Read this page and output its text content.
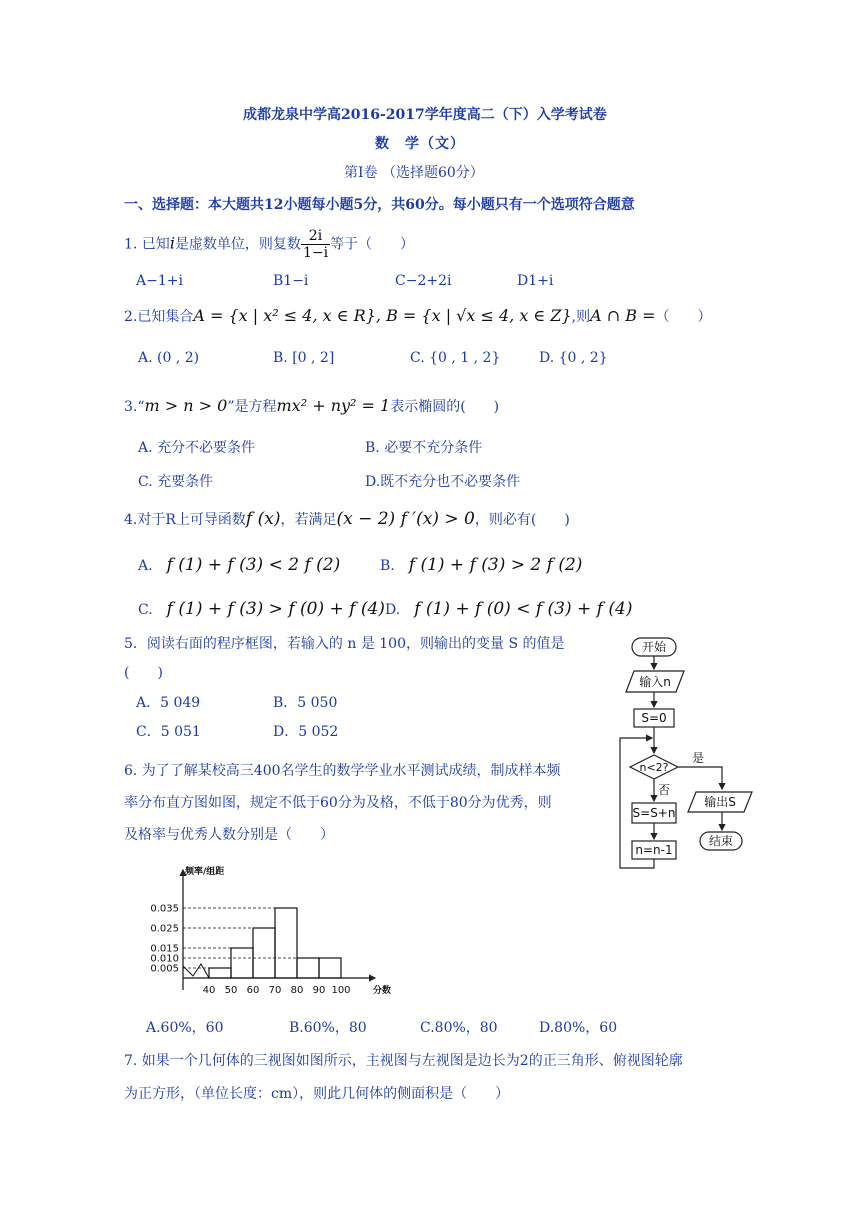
成都龙泉中学高2016-2017学年度高二（下）入学考试卷
数　学（文）
第Ⅰ卷 （选择题60分）
一、选择题：本大题共12小题每小题5分，共60分。每小题只有一个选项符合题意
1. 已知i是虚数单位，则复数 $\frac{2i}{1-i}$ 等于（　　）
A−1+i	B1−i	C−2+2i	D1+i
2.已知集合A = {x | x² ≤ 4, x ∈ R}, B = {x | √x ≤ 4, x ∈ Z},则A ∩ B =（　　）
A. (0 , 2)	B. [0 , 2]	C. {0 , 1 , 2}	D. {0 , 2}
3.“m > n > 0”是方程mx² + ny² = 1表示椭圆的(　　)
A. 充分不必要条件	B. 必要不充分条件
C. 充要条件	D.既不充分也不必要条件
4.对于R上可导函数f (x)，若满足(x − 2) f ′(x) > 0，则必有(　　)
A. f (1) + f (3) < 2 f (2)	B. f (1) + f (3) > 2 f (2)
C. f (1) + f (3) > f (0) + f (4) D. f (1) + f (0) < f (3) + f (4)
5．阅读右面的程序框图，若输入的 n 是 100，则输出的变量 S 的值是
(　　)
A．5 049	B．5 050
C．5 051	D．5 052
开始
输入n
S=0
n<2?
是
否
S=S+n
n=n-1
输出S
结束
6. 为了了解某校高三400名学生的数学学业水平测试成绩，制成样本频
率分布直方图如图，规定不低于60分为及格，不低于80分为优秀，则
及格率与优秀人数分别是（　　）
0.035
0.025
0.015
0.010
0.005
40 50 60 70 80 90 100
频率/组距
分数
A.60%，60	B.60%，80	C.80%，80	D.80%，60
7. 如果一个几何体的三视图如图所示，主视图与左视图是边长为2的正三角形、俯视图轮廓
为正方形，（单位长度：cm），则此几何体的侧面积是（　　）
